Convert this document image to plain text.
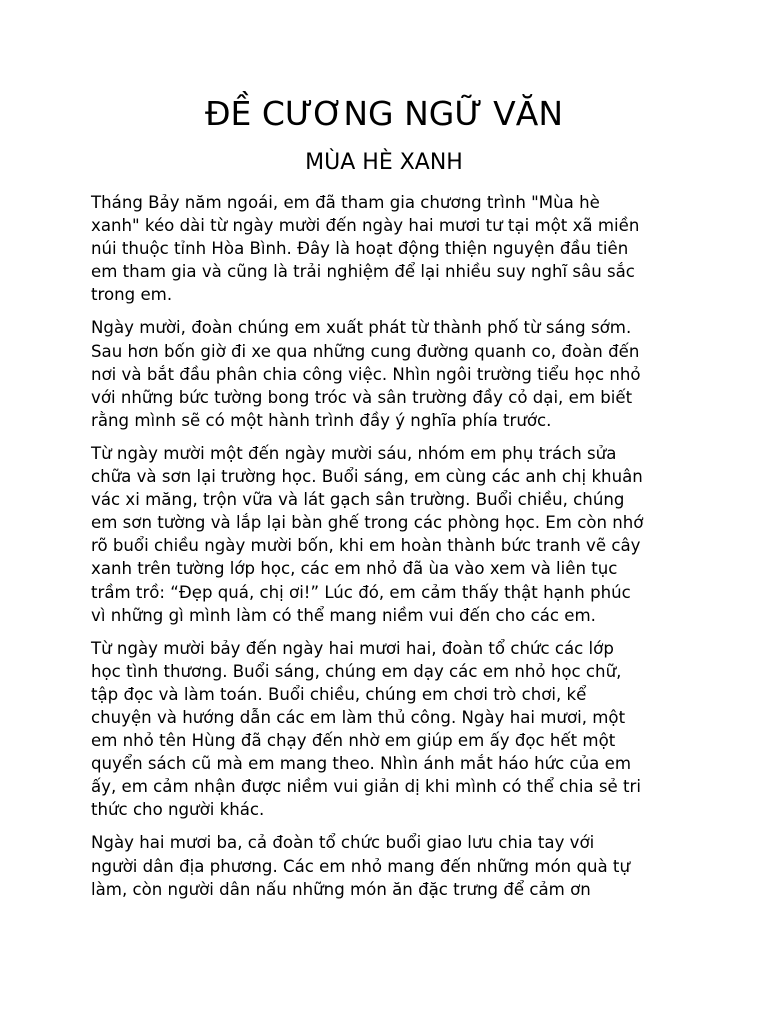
ĐỀ CƯƠNG NGỮ VĂN
MÙA HÈ XANH

Tháng Bảy năm ngoái, em đã tham gia chương trình "Mùa hè
xanh" kéo dài từ ngày mười đến ngày hai mươi tư tại một xã miền
núi thuộc tỉnh Hòa Bình. Đây là hoạt động thiện nguyện đầu tiên
em tham gia và cũng là trải nghiệm để lại nhiều suy nghĩ sâu sắc
trong em.

Ngày mười, đoàn chúng em xuất phát từ thành phố từ sáng sớm.
Sau hơn bốn giờ đi xe qua những cung đường quanh co, đoàn đến
nơi và bắt đầu phân chia công việc. Nhìn ngôi trường tiểu học nhỏ
với những bức tường bong tróc và sân trường đầy cỏ dại, em biết
rằng mình sẽ có một hành trình đầy ý nghĩa phía trước.

Từ ngày mười một đến ngày mười sáu, nhóm em phụ trách sửa
chữa và sơn lại trường học. Buổi sáng, em cùng các anh chị khuân
vác xi măng, trộn vữa và lát gạch sân trường. Buổi chiều, chúng
em sơn tường và lắp lại bàn ghế trong các phòng học. Em còn nhớ
rõ buổi chiều ngày mười bốn, khi em hoàn thành bức tranh vẽ cây
xanh trên tường lớp học, các em nhỏ đã ùa vào xem và liên tục
trầm trồ: “Đẹp quá, chị ơi!” Lúc đó, em cảm thấy thật hạnh phúc
vì những gì mình làm có thể mang niềm vui đến cho các em.

Từ ngày mười bảy đến ngày hai mươi hai, đoàn tổ chức các lớp
học tình thương. Buổi sáng, chúng em dạy các em nhỏ học chữ,
tập đọc và làm toán. Buổi chiều, chúng em chơi trò chơi, kể
chuyện và hướng dẫn các em làm thủ công. Ngày hai mươi, một
em nhỏ tên Hùng đã chạy đến nhờ em giúp em ấy đọc hết một
quyển sách cũ mà em mang theo. Nhìn ánh mắt háo hức của em
ấy, em cảm nhận được niềm vui giản dị khi mình có thể chia sẻ tri
thức cho người khác.

Ngày hai mươi ba, cả đoàn tổ chức buổi giao lưu chia tay với
người dân địa phương. Các em nhỏ mang đến những món quà tự
làm, còn người dân nấu những món ăn đặc trưng để cảm ơn
